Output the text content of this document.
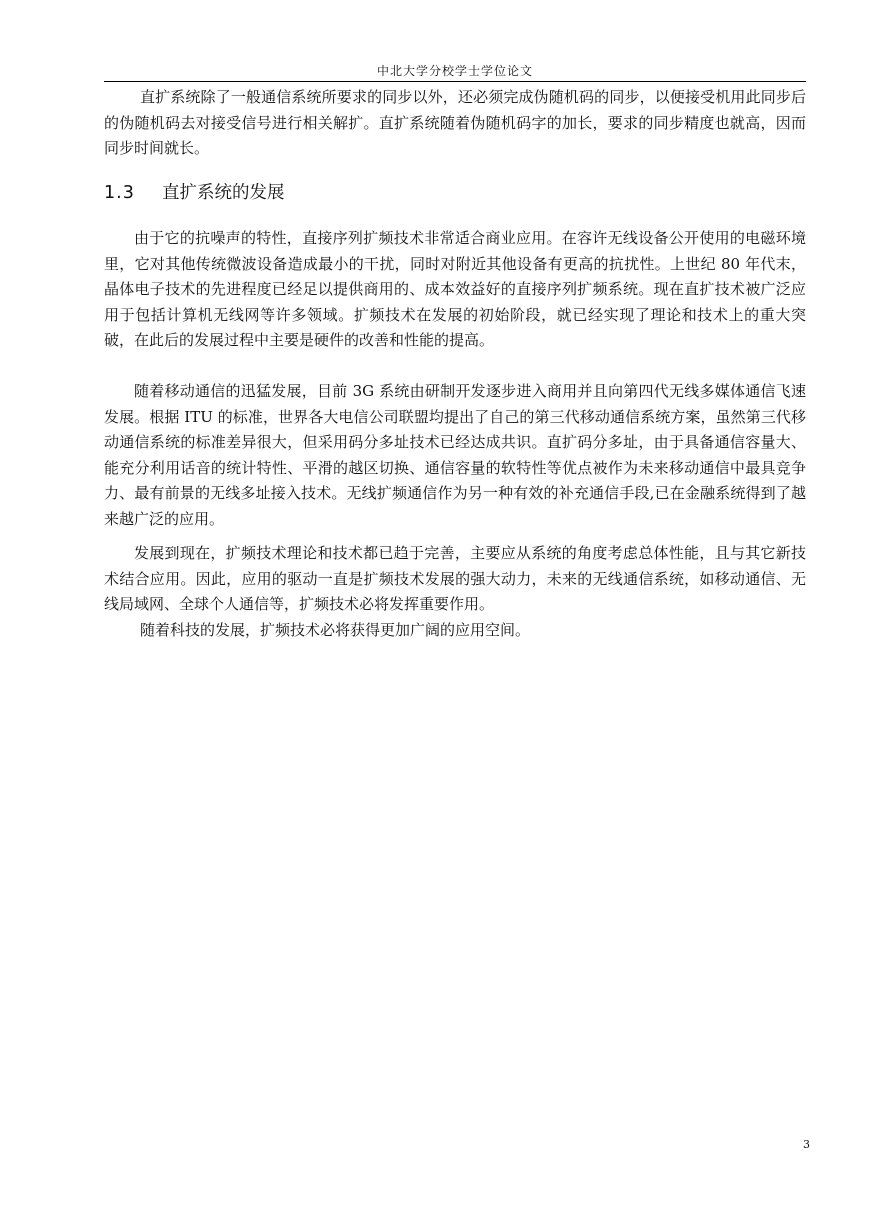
中北大学分校学士学位论文

直扩系统除了一般通信系统所要求的同步以外，还必须完成伪随机码的同步，以便接受机用此同步后的伪随机码去对接受信号进行相关解扩。直扩系统随着伪随机码字的加长，要求的同步精度也就高，因而同步时间就长。

1.3 直扩系统的发展

由于它的抗噪声的特性，直接序列扩频技术非常适合商业应用。在容许无线设备公开使用的电磁环境里，它对其他传统微波设备造成最小的干扰，同时对附近其他设备有更高的抗扰性。上世纪 80 年代末，晶体电子技术的先进程度已经足以提供商用的、成本效益好的直接序列扩频系统。现在直扩技术被广泛应用于包括计算机无线网等许多领域。扩频技术在发展的初始阶段，就已经实现了理论和技术上的重大突破，在此后的发展过程中主要是硬件的改善和性能的提高。

随着移动通信的迅猛发展，目前 3G 系统由研制开发逐步进入商用并且向第四代无线多媒体通信飞速发展。根据 ITU 的标准，世界各大电信公司联盟均提出了自己的第三代移动通信系统方案，虽然第三代移动通信系统的标准差异很大，但采用码分多址技术已经达成共识。直扩码分多址，由于具备通信容量大、能充分利用话音的统计特性、平滑的越区切换、通信容量的软特性等优点被作为未来移动通信中最具竞争力、最有前景的无线多址接入技术。无线扩频通信作为另一种有效的补充通信手段,已在金融系统得到了越来越广泛的应用。

发展到现在，扩频技术理论和技术都已趋于完善，主要应从系统的角度考虑总体性能，且与其它新技术结合应用。因此，应用的驱动一直是扩频技术发展的强大动力，未来的无线通信系统，如移动通信、无线局域网、全球个人通信等，扩频技术必将发挥重要作用。

随着科技的发展，扩频技术必将获得更加广阔的应用空间。

3
